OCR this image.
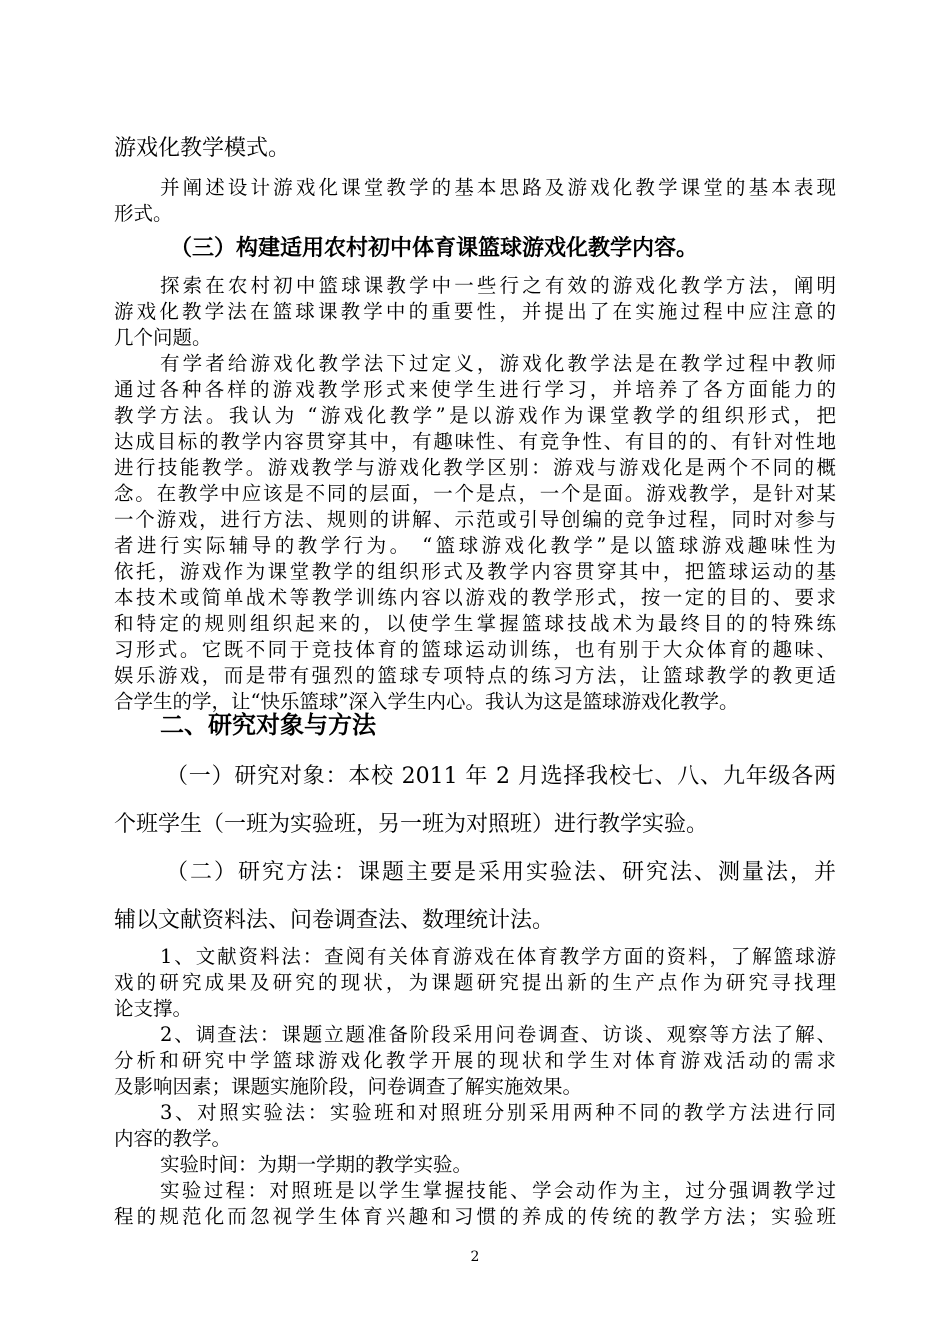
游戏化教学模式。
并阐述设计游戏化课堂教学的基本思路及游戏化教学课堂的基本表现
形式。
（三）构建适用农村初中体育课篮球游戏化教学内容。
探索在农村初中篮球课教学中一些行之有效的游戏化教学方法，阐明
游戏化教学法在篮球课教学中的重要性，并提出了在实施过程中应注意的
几个问题。
有学者给游戏化教学法下过定义，游戏化教学法是在教学过程中教师
通过各种各样的游戏教学形式来使学生进行学习，并培养了各方面能力的
教学方法。我认为 “游戏化教学”是以游戏作为课堂教学的组织形式，把
达成目标的教学内容贯穿其中，有趣味性、有竞争性、有目的的、有针对性地
进行技能教学。游戏教学与游戏化教学区别：游戏与游戏化是两个不同的概
念。在教学中应该是不同的层面，一个是点，一个是面。游戏教学，是针对某
一个游戏，进行方法、规则的讲解、示范或引导创编的竞争过程，同时对参与
者进行实际辅导的教学行为。 “篮球游戏化教学”是以篮球游戏趣味性为
依托，游戏作为课堂教学的组织形式及教学内容贯穿其中，把篮球运动的基
本技术或简单战术等教学训练内容以游戏的教学形式，按一定的目的、要求
和特定的规则组织起来的，以使学生掌握篮球技战术为最终目的的特殊练
习形式。它既不同于竞技体育的篮球运动训练，也有别于大众体育的趣味、
娱乐游戏，而是带有强烈的篮球专项特点的练习方法，让篮球教学的教更适
合学生的学，让“快乐篮球”深入学生内心。我认为这是篮球游戏化教学。
二、研究对象与方法
（一）研究对象：本校 2011 年 2 月选择我校七、八、九年级各两
个班学生（一班为实验班，另一班为对照班）进行教学实验。
（二）研究方法：课题主要是采用实验法、研究法、测量法，并
辅以文献资料法、问卷调查法、数理统计法。
1、文献资料法：查阅有关体育游戏在体育教学方面的资料，了解篮球游
戏的研究成果及研究的现状，为课题研究提出新的生产点作为研究寻找理
论支撑。
2、调查法：课题立题准备阶段采用问卷调查、访谈、观察等方法了解、
分析和研究中学篮球游戏化教学开展的现状和学生对体育游戏活动的需求
及影响因素；课题实施阶段，问卷调查了解实施效果。
3、对照实验法：实验班和对照班分别采用两种不同的教学方法进行同
内容的教学。
实验时间：为期一学期的教学实验。
实验过程：对照班是以学生掌握技能、学会动作为主，过分强调教学过
程的规范化而忽视学生体育兴趣和习惯的养成的传统的教学方法；实验班
2
